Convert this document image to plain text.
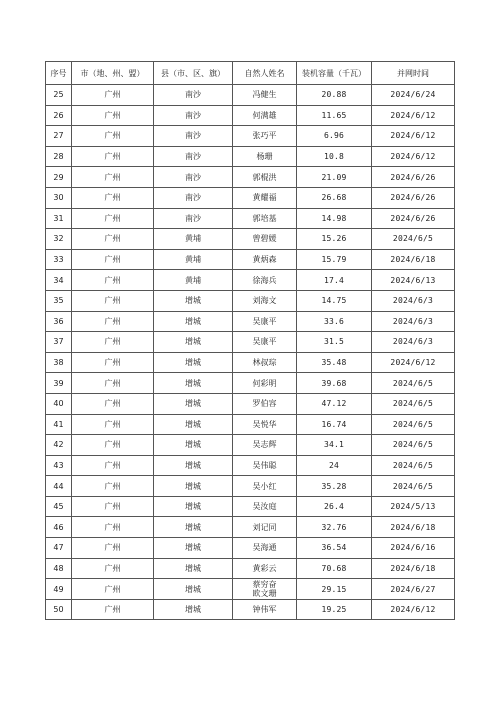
序号	市（地、州、盟）	县（市、区、旗）	自然人姓名	装机容量（千瓦）	并网时间
25	广州	南沙	冯健生	20.88	2024/6/24
26	广州	南沙	何满雄	11.65	2024/6/12
27	广州	南沙	张巧平	6.96	2024/6/12
28	广州	南沙	杨珊	10.8	2024/6/12
29	广州	南沙	郭棍洪	21.09	2024/6/26
30	广州	南沙	黄耀福	26.68	2024/6/26
31	广州	南沙	郭培基	14.98	2024/6/26
32	广州	黄埔	曾碧媛	15.26	2024/6/5
33	广州	黄埔	黄炳森	15.79	2024/6/18
34	广州	黄埔	徐海兵	17.4	2024/6/13
35	广州	增城	刘海文	14.75	2024/6/3
36	广州	增城	吴康平	33.6	2024/6/3
37	广州	增城	吴康平	31.5	2024/6/3
38	广州	增城	林叔琮	35.48	2024/6/12
39	广州	增城	何彩明	39.68	2024/6/5
40	广州	增城	罗伯容	47.12	2024/6/5
41	广州	增城	吴悦华	16.74	2024/6/5
42	广州	增城	吴志辉	34.1	2024/6/5
43	广州	增城	吴伟聪	24	2024/6/5
44	广州	增城	吴小红	35.28	2024/6/5
45	广州	增城	吴汝庭	26.4	2024/5/13
46	广州	增城	刘记同	32.76	2024/6/18
47	广州	增城	吴海通	36.54	2024/6/16
48	广州	增城	黄彩云	70.68	2024/6/18
49	广州	增城	蔡穷奋
欧文珊	29.15	2024/6/27
50	广州	增城	钟伟军	19.25	2024/6/12
